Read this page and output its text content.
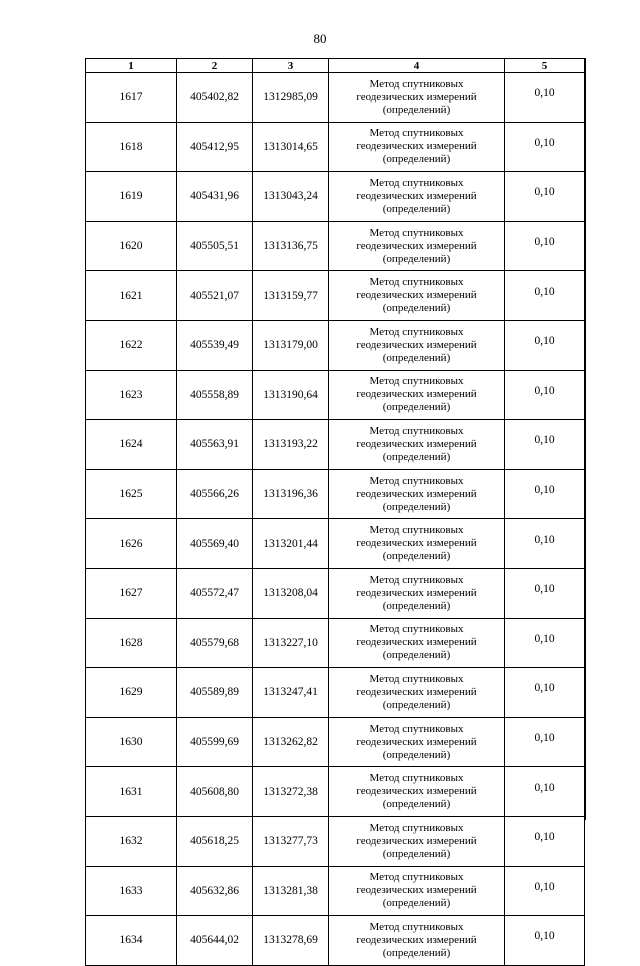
80
1	2	3	4	5
1617	405402,82	1312985,09	Метод спутниковых
геодезических измерений
(определений)	0,10
1618	405412,95	1313014,65	Метод спутниковых
геодезических измерений
(определений)	0,10
1619	405431,96	1313043,24	Метод спутниковых
геодезических измерений
(определений)	0,10
1620	405505,51	1313136,75	Метод спутниковых
геодезических измерений
(определений)	0,10
1621	405521,07	1313159,77	Метод спутниковых
геодезических измерений
(определений)	0,10
1622	405539,49	1313179,00	Метод спутниковых
геодезических измерений
(определений)	0,10
1623	405558,89	1313190,64	Метод спутниковых
геодезических измерений
(определений)	0,10
1624	405563,91	1313193,22	Метод спутниковых
геодезических измерений
(определений)	0,10
1625	405566,26	1313196,36	Метод спутниковых
геодезических измерений
(определений)	0,10
1626	405569,40	1313201,44	Метод спутниковых
геодезических измерений
(определений)	0,10
1627	405572,47	1313208,04	Метод спутниковых
геодезических измерений
(определений)	0,10
1628	405579,68	1313227,10	Метод спутниковых
геодезических измерений
(определений)	0,10
1629	405589,89	1313247,41	Метод спутниковых
геодезических измерений
(определений)	0,10
1630	405599,69	1313262,82	Метод спутниковых
геодезических измерений
(определений)	0,10
1631	405608,80	1313272,38	Метод спутниковых
геодезических измерений
(определений)	0,10
1632	405618,25	1313277,73	Метод спутниковых
геодезических измерений
(определений)	0,10
1633	405632,86	1313281,38	Метод спутниковых
геодезических измерений
(определений)	0,10
1634	405644,02	1313278,69	Метод спутниковых
геодезических измерений
(определений)	0,10
